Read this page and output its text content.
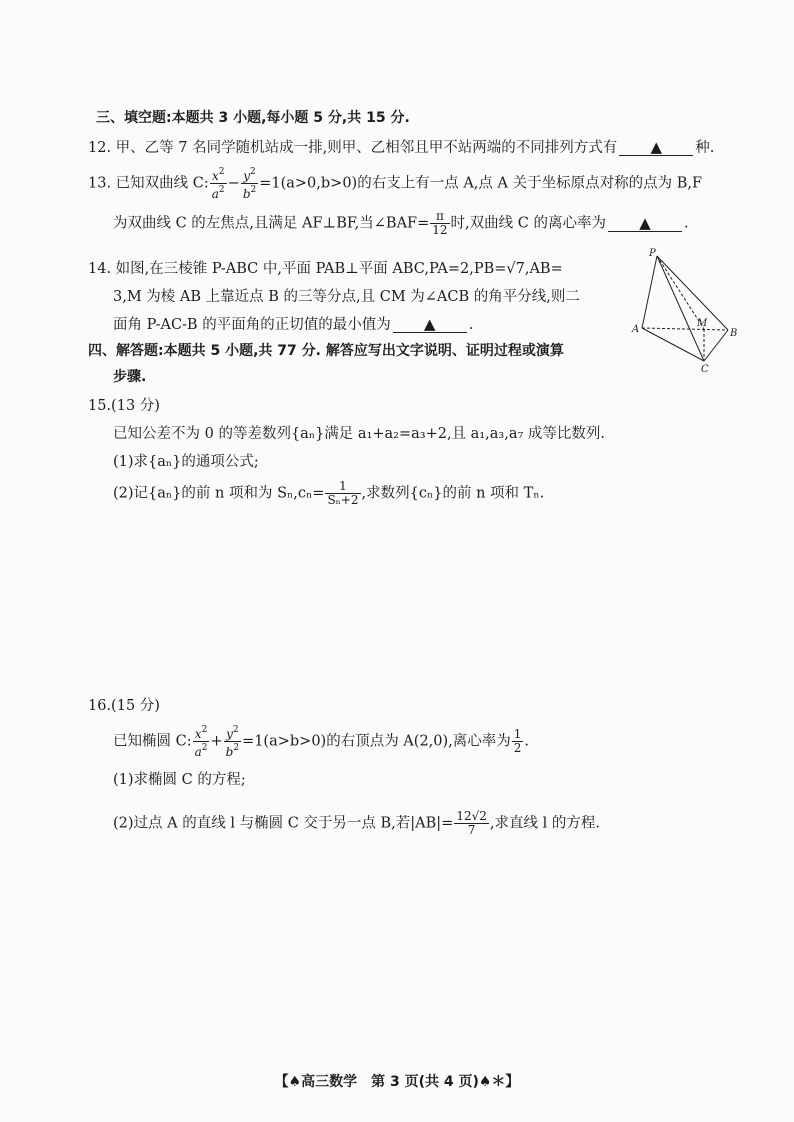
三、填空题:本题共 3 小题,每小题 5 分,共 15 分.
12. 甲、乙等 7 名同学随机站成一排,则甲、乙相邻且甲不站两端的不同排列方式有 ▲ 种.
13. 已知双曲线 C: $\frac{x^2}{a^2} - \frac{y^2}{b^2} =1(a>0,b>0)$的右支上有一点 A,点 A 关于坐标原点对称的点为 B,F
为双曲线 C 的左焦点,且满足 AF⊥BF,当∠BAF= $\frac{\pi}{12}$ 时,双曲线 C 的离心率为 ▲ .
14. 如图,在三棱锥 P-ABC 中,平面 PAB⊥平面 ABC,PA=2,PB=√7,AB=
3,M 为棱 AB 上靠近点 B 的三等分点,且 CM 为∠ACB 的角平分线,则二
面角 P-AC-B 的平面角的正切值的最小值为 ▲ .
P
A
M
B
C
四、解答题:本题共 5 小题,共 77 分. 解答应写出文字说明、证明过程或演算
步骤.
15.(13 分)
已知公差不为 0 的等差数列{aₙ}满足 a₁+a₂=a₃+2,且 a₁,a₃,a₇ 成等比数列.
(1)求{aₙ}的通项公式;
(2)记{aₙ}的前 n 项和为 $S_n,c_n= \frac{1}{\text{Sₙ+2}}$ ,求数列{cₙ}的前 n 项和 Tₙ.
16.(15 分)
已知椭圆 C: $\frac{x^2}{a^2} + \frac{y^2}{b^2} =1(a>b>0)$的右顶点为 A(2,0),离心率为 $\frac{1}{2}$ .
(1)求椭圆 C 的方程;
(2)过点 A 的直线 l 与椭圆 C 交于另一点 B,若$|AB|= \frac{12√2}{7}$ ,求直线 l 的方程.
【♠高三数学　第 3 页(共 4 页)♠＊】
